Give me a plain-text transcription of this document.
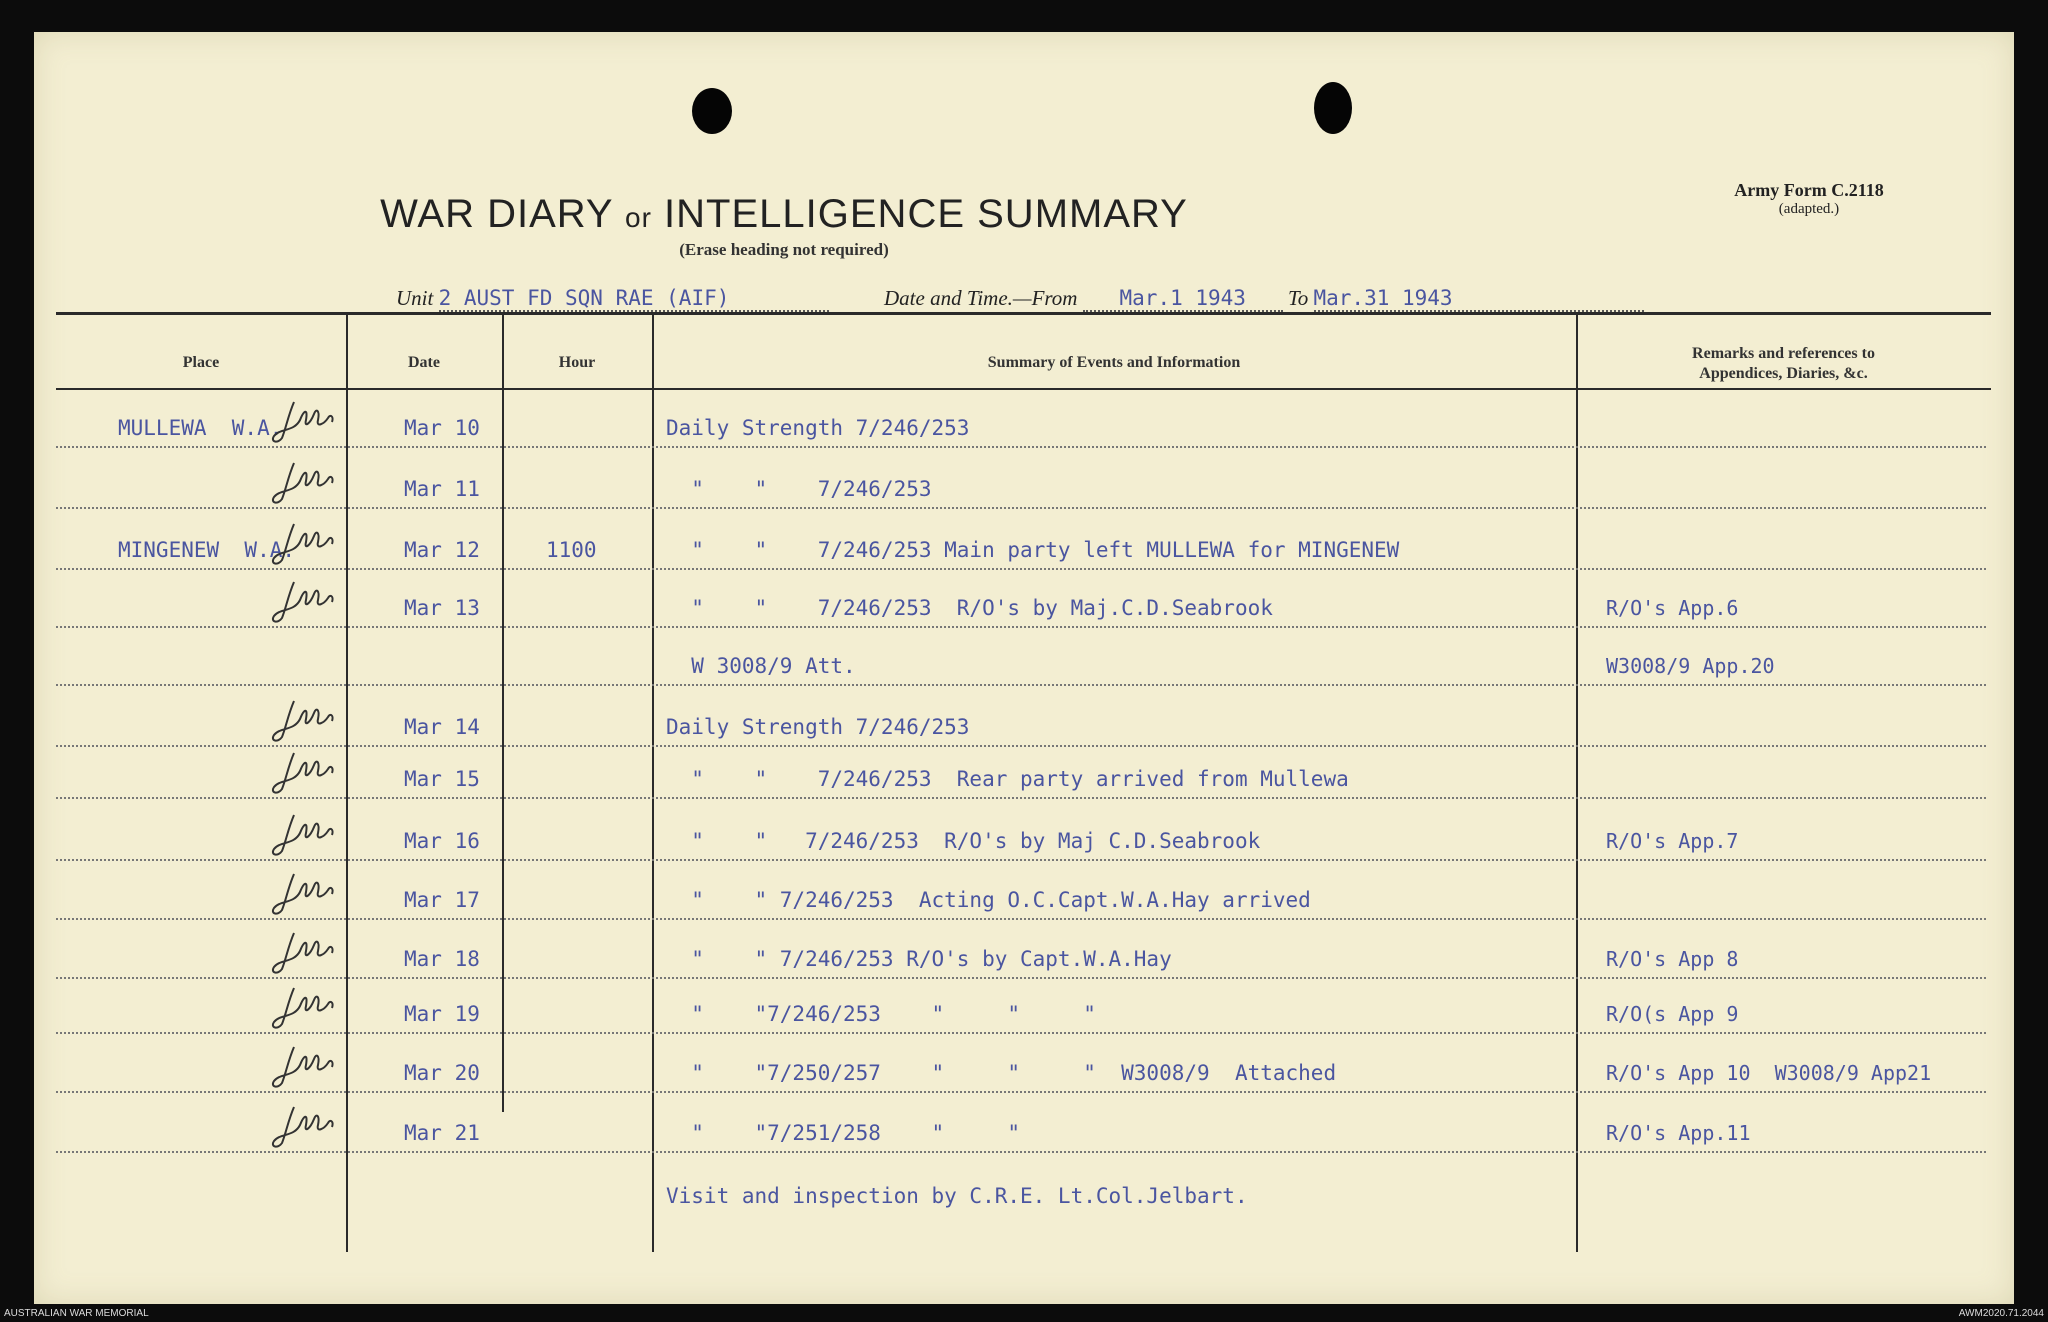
Army Form C.2118
(adapted.)
WAR DIARY or INTELLIGENCE SUMMARY
(Erase heading not required)
Unit 2 AUST FD SQN RAE (AIF)	Date and Time.—From Mar.1 1943 To Mar.31 1943
Place	Date	Hour	Summary of Events and Information
Remarks and references to
Appendices, Diaries, &c.
MULLEWA  W.A.	Mar 10	Daily Strength 7/246/253
Mar 11	"    "    7/246/253
MINGENEW  W.A.	Mar 12	1100	"    "    7/246/253 Main party left MULLEWA for MINGENEW
Mar 13	"    "    7/246/253  R/O's by Maj.C.D.Seabrook	R/O's App.6
W 3008/9 Att.	W3008/9 App.20
Mar 14	Daily Strength 7/246/253
Mar 15	"    "    7/246/253  Rear party arrived from Mullewa
Mar 16	"    "   7/246/253  R/O's by Maj C.D.Seabrook	R/O's App.7
Mar 17	"    " 7/246/253  Acting O.C.Capt.W.A.Hay arrived
Mar 18	"    " 7/246/253 R/O's by Capt.W.A.Hay	R/O's App 8
Mar 19	"    "7/246/253    "     "     "	R/O(s App 9
Mar 20	"    "7/250/257    "     "     "  W3008/9  Attached	R/O's App 10  W3008/9 App21
Mar 21	"    "7/251/258    "     "	R/O's App.11
Visit and inspection by C.R.E. Lt.Col.Jelbart.
AUSTRALIAN WAR MEMORIAL	AWM2020.71.2044
